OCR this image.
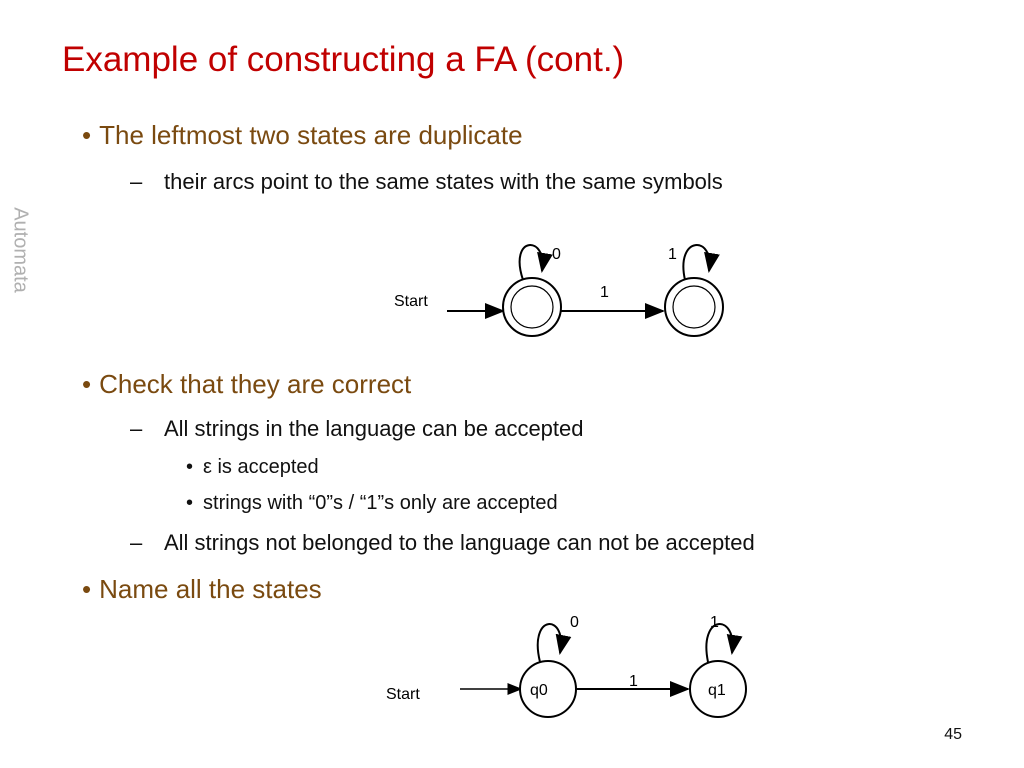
Example of constructing a FA (cont.)
Automata
• The leftmost two states are duplicate
– their arcs point to the same states with the same symbols
Start
1
0	1
• Check that they are correct
– All strings in the language can be accepted
• ε is accepted
• strings with “0”s / “1”s only are accepted
– All strings not belonged to the language can not be accepted
• Name all the states
Start	q0	q1
1
0	1
45
